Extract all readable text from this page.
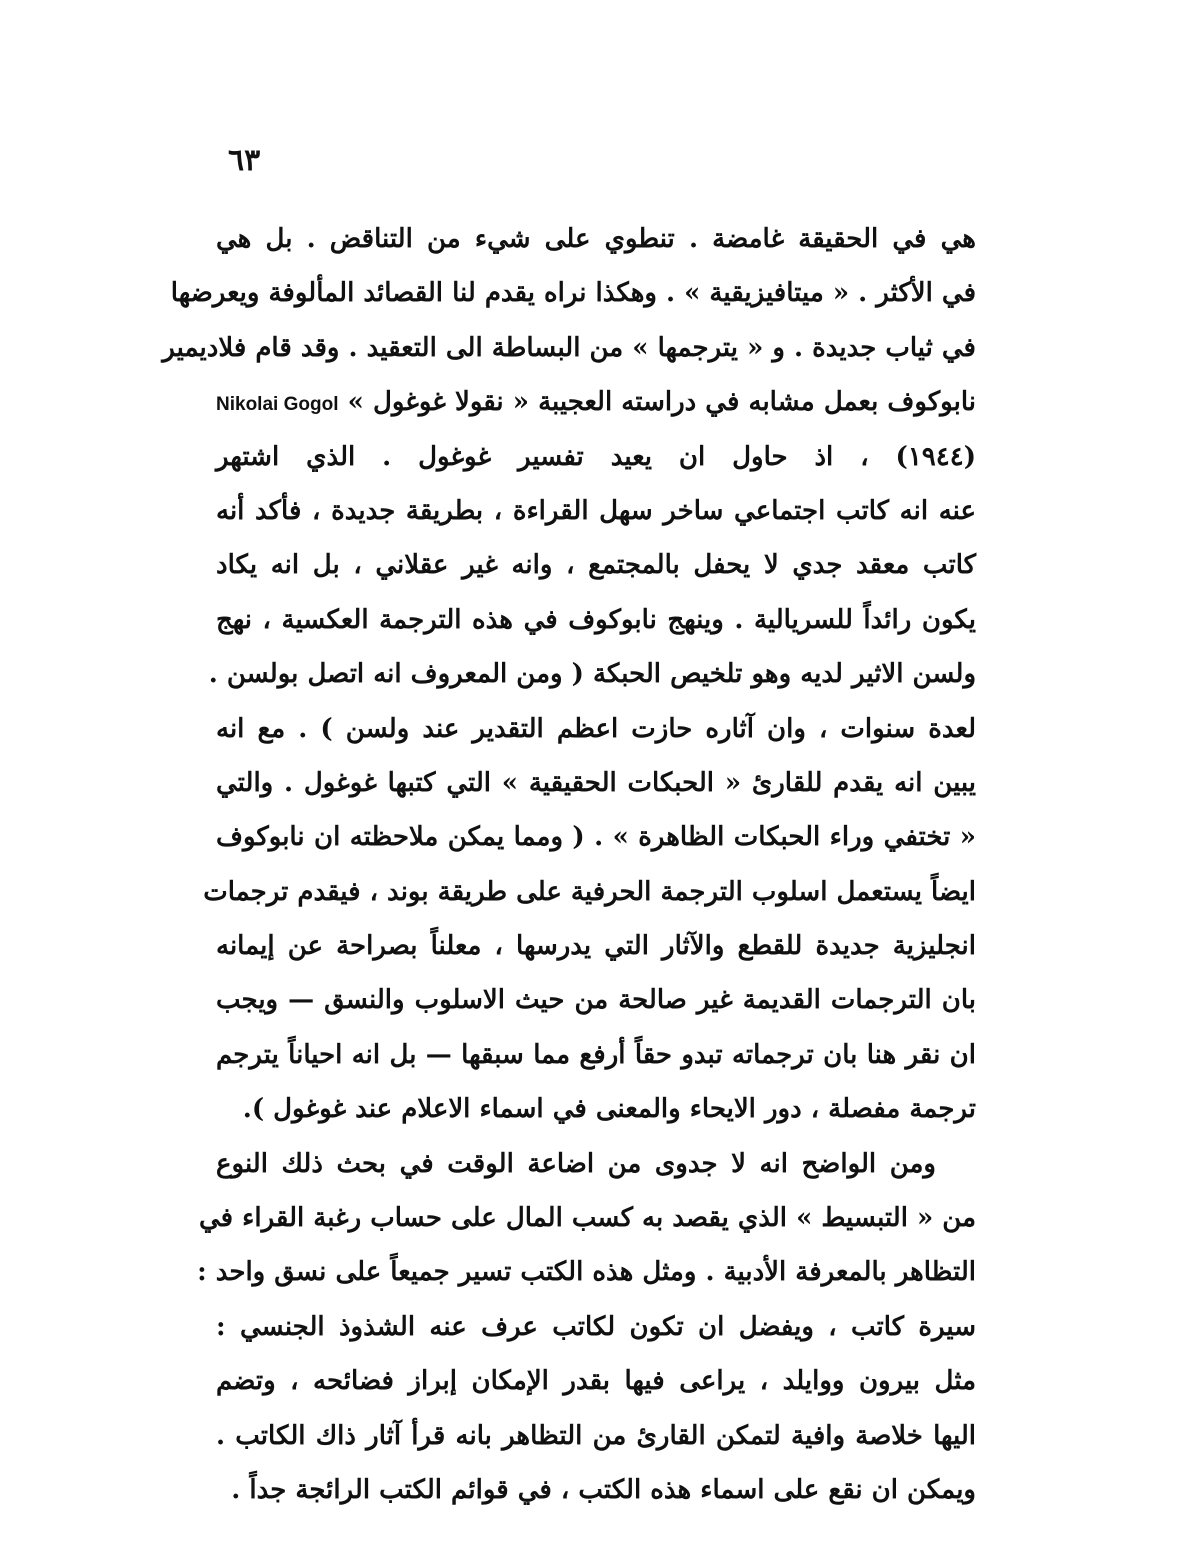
٦٣
هي في الحقيقة غامضة . تنطوي على شيء من التناقض . بل هي
في الأكثر . « ميتافيزيقية » . وهكذا نراه يقدم لنا القصائد المألوفة ويعرضها
في ثياب جديدة . و « يترجمها » من البساطة الى التعقيد . وقد قام فلاديمير
نابوكوف بعمل مشابه في دراسته العجيبة « نقولا غوغول » Nikolai Gogol
(١٩٤٤) ، اذ حاول ان يعيد تفسير غوغول . الذي اشتهر
عنه انه كاتب اجتماعي ساخر سهل القراءة ، بطريقة جديدة ، فأكد أنه
كاتب معقد جدي لا يحفل بالمجتمع ، وانه غير عقلاني ، بل انه يكاد
يكون رائداً للسريالية . وينهج نابوكوف في هذه الترجمة العكسية ، نهج
ولسن الاثير لديه وهو تلخيص الحبكة ( ومن المعروف انه اتصل بولسن .
لعدة سنوات ، وان آثاره حازت اعظم التقدير عند ولسن ) . مع انه
يبين انه يقدم للقارئ « الحبكات الحقيقية » التي كتبها غوغول . والتي
« تختفي وراء الحبكات الظاهرة » . ( ومما يمكن ملاحظته ان نابوكوف
ايضاً يستعمل اسلوب الترجمة الحرفية على طريقة بوند ، فيقدم ترجمات
انجليزية جديدة للقطع والآثار التي يدرسها ، معلناً بصراحة عن إيمانه
بان الترجمات القديمة غير صالحة من حيث الاسلوب والنسق — ويجب
ان نقر هنا بان ترجماته تبدو حقاً أرفع مما سبقها — بل انه احياناً يترجم
ترجمة مفصلة ، دور الايحاء والمعنى في اسماء الاعلام عند غوغول ).
ومن الواضح انه لا جدوى من اضاعة الوقت في بحث ذلك النوع
من « التبسيط » الذي يقصد به كسب المال على حساب رغبة القراء في
التظاهر بالمعرفة الأدبية . ومثل هذه الكتب تسير جميعاً على نسق واحد :
سيرة كاتب ، ويفضل ان تكون لكاتب عرف عنه الشذوذ الجنسي :
مثل بيرون ووايلد ، يراعى فيها بقدر الإمكان إبراز فضائحه ، وتضم
اليها خلاصة وافية لتمكن القارئ من التظاهر بانه قرأ آثار ذاك الكاتب .
ويمكن ان نقع على اسماء هذه الكتب ، في قوائم الكتب الرائجة جداً .
